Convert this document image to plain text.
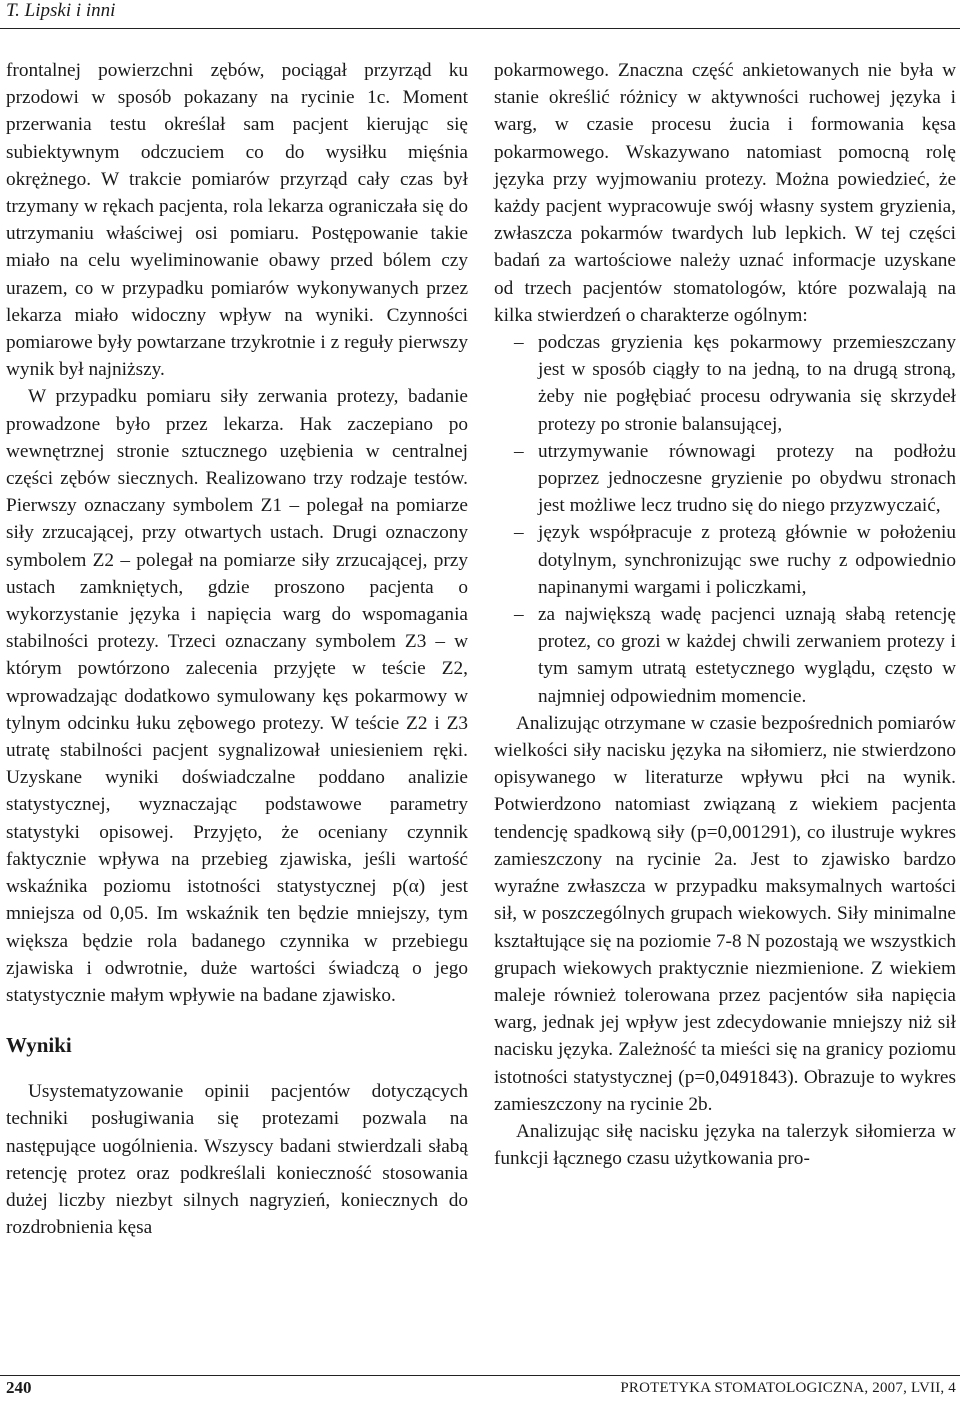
T. Lipski i inni

frontalnej powierzchni zębów, pociągał przyrząd ku przodowi w sposób pokazany na rycinie 1c. Moment przerwania testu określał sam pacjent kierując się subiektywnym odczuciem co do wysiłku mięśnia okrężnego. W trakcie pomiarów przyrząd cały czas był trzymany w rękach pacjenta, rola lekarza ograniczała się do utrzymaniu właściwej osi pomiaru. Postępowanie takie miało na celu wyeliminowanie obawy przed bólem czy urazem, co w przypadku pomiarów wykonywanych przez lekarza miało widoczny wpływ na wyniki. Czynności pomiarowe były powtarzane trzykrotnie i z reguły pierwszy wynik był najniższy.

W przypadku pomiaru siły zerwania protezy, badanie prowadzone było przez lekarza. Hak zaczepiano po wewnętrznej stronie sztucznego uzębienia w centralnej części zębów siecznych. Realizowano trzy rodzaje testów. Pierwszy oznaczany symbolem Z1 – polegał na pomiarze siły zrzucającej, przy otwartych ustach. Drugi oznaczony symbolem Z2 – polegał na pomiarze siły zrzucającej, przy ustach zamkniętych, gdzie proszono pacjenta o wykorzystanie języka i napięcia warg do wspomagania stabilności protezy. Trzeci oznaczany symbolem Z3 – w którym powtórzono zalecenia przyjęte w teście Z2, wprowadzając dodatkowo symulowany kęs pokarmowy w tylnym odcinku łuku zębowego protezy. W teście Z2 i Z3 utratę stabilności pacjent sygnalizował uniesieniem ręki. Uzyskane wyniki doświadczalne poddano analizie statystycznej, wyznaczając podstawowe parametry statystyki opisowej. Przyjęto, że oceniany czynnik faktycznie wpływa na przebieg zjawiska, jeśli wartość wskaźnika poziomu istotności statystycznej p(α) jest mniejsza od 0,05. Im wskaźnik ten będzie mniejszy, tym większa będzie rola badanego czynnika w przebiegu zjawiska i odwrotnie, duże wartości świadczą o jego statystycznie małym wpływie na badane zjawisko.

Wyniki

Usystematyzowanie opinii pacjentów dotyczących techniki posługiwania się protezami pozwala na następujące uogólnienia. Wszyscy badani stwierdzali słabą retencję protez oraz podkreślali konieczność stosowania dużej liczby niezbyt silnych nagryzień, koniecznych do rozdrobnienia kęsa

pokarmowego. Znaczna część ankietowanych nie była w stanie określić różnicy w aktywności ruchowej języka i warg, w czasie procesu żucia i formowania kęsa pokarmowego. Wskazywano natomiast pomocną rolę języka przy wyjmowaniu protezy. Można powiedzieć, że każdy pacjent wypracowuje swój własny system gryzienia, zwłaszcza pokarmów twardych lub lepkich. W tej części badań za wartościowe należy uznać informacje uzyskane od trzech pacjentów stomatologów, które pozwalają na kilka stwierdzeń o charakterze ogólnym:

– podczas gryzienia kęs pokarmowy przemieszczany jest w sposób ciągły to na jedną, to na drugą stroną, żeby nie pogłębiać procesu odrywania się skrzydeł protezy po stronie balansującej,
– utrzymywanie równowagi protezy na podłożu poprzez jednoczesne gryzienie po obydwu stronach jest możliwe lecz trudno się do niego przyzwyczaić,
– język współpracuje z protezą głównie w położeniu dotylnym, synchronizując swe ruchy z odpowiednio napinanymi wargami i policzkami,
– za największą wadę pacjenci uznają słabą retencję protez, co grozi w każdej chwili zerwaniem protezy i tym samym utratą estetycznego wyglądu, często w najmniej odpowiednim momencie.

Analizując otrzymane w czasie bezpośrednich pomiarów wielkości siły nacisku języka na siłomierz, nie stwierdzono opisywanego w literaturze wpływu płci na wynik. Potwierdzono natomiast związaną z wiekiem pacjenta tendencję spadkową siły (p=0,001291), co ilustruje wykres zamieszczony na rycinie 2a. Jest to zjawisko bardzo wyraźne zwłaszcza w przypadku maksymalnych wartości sił, w poszczególnych grupach wiekowych. Siły minimalne kształtujące się na poziomie 7-8 N pozostają we wszystkich grupach wiekowych praktycznie niezmienione. Z wiekiem maleje również tolerowana przez pacjentów siła napięcia warg, jednak jej wpływ jest zdecydowanie mniejszy niż sił nacisku języka. Zależność ta mieści się na granicy poziomu istotności statystycznej (p=0,0491843). Obrazuje to wykres zamieszczony na rycinie 2b.

Analizując siłę nacisku języka na talerzyk siłomierza w funkcji łącznego czasu użytkowania pro-

240	PROTETYKA STOMATOLOGICZNA, 2007, LVII, 4
